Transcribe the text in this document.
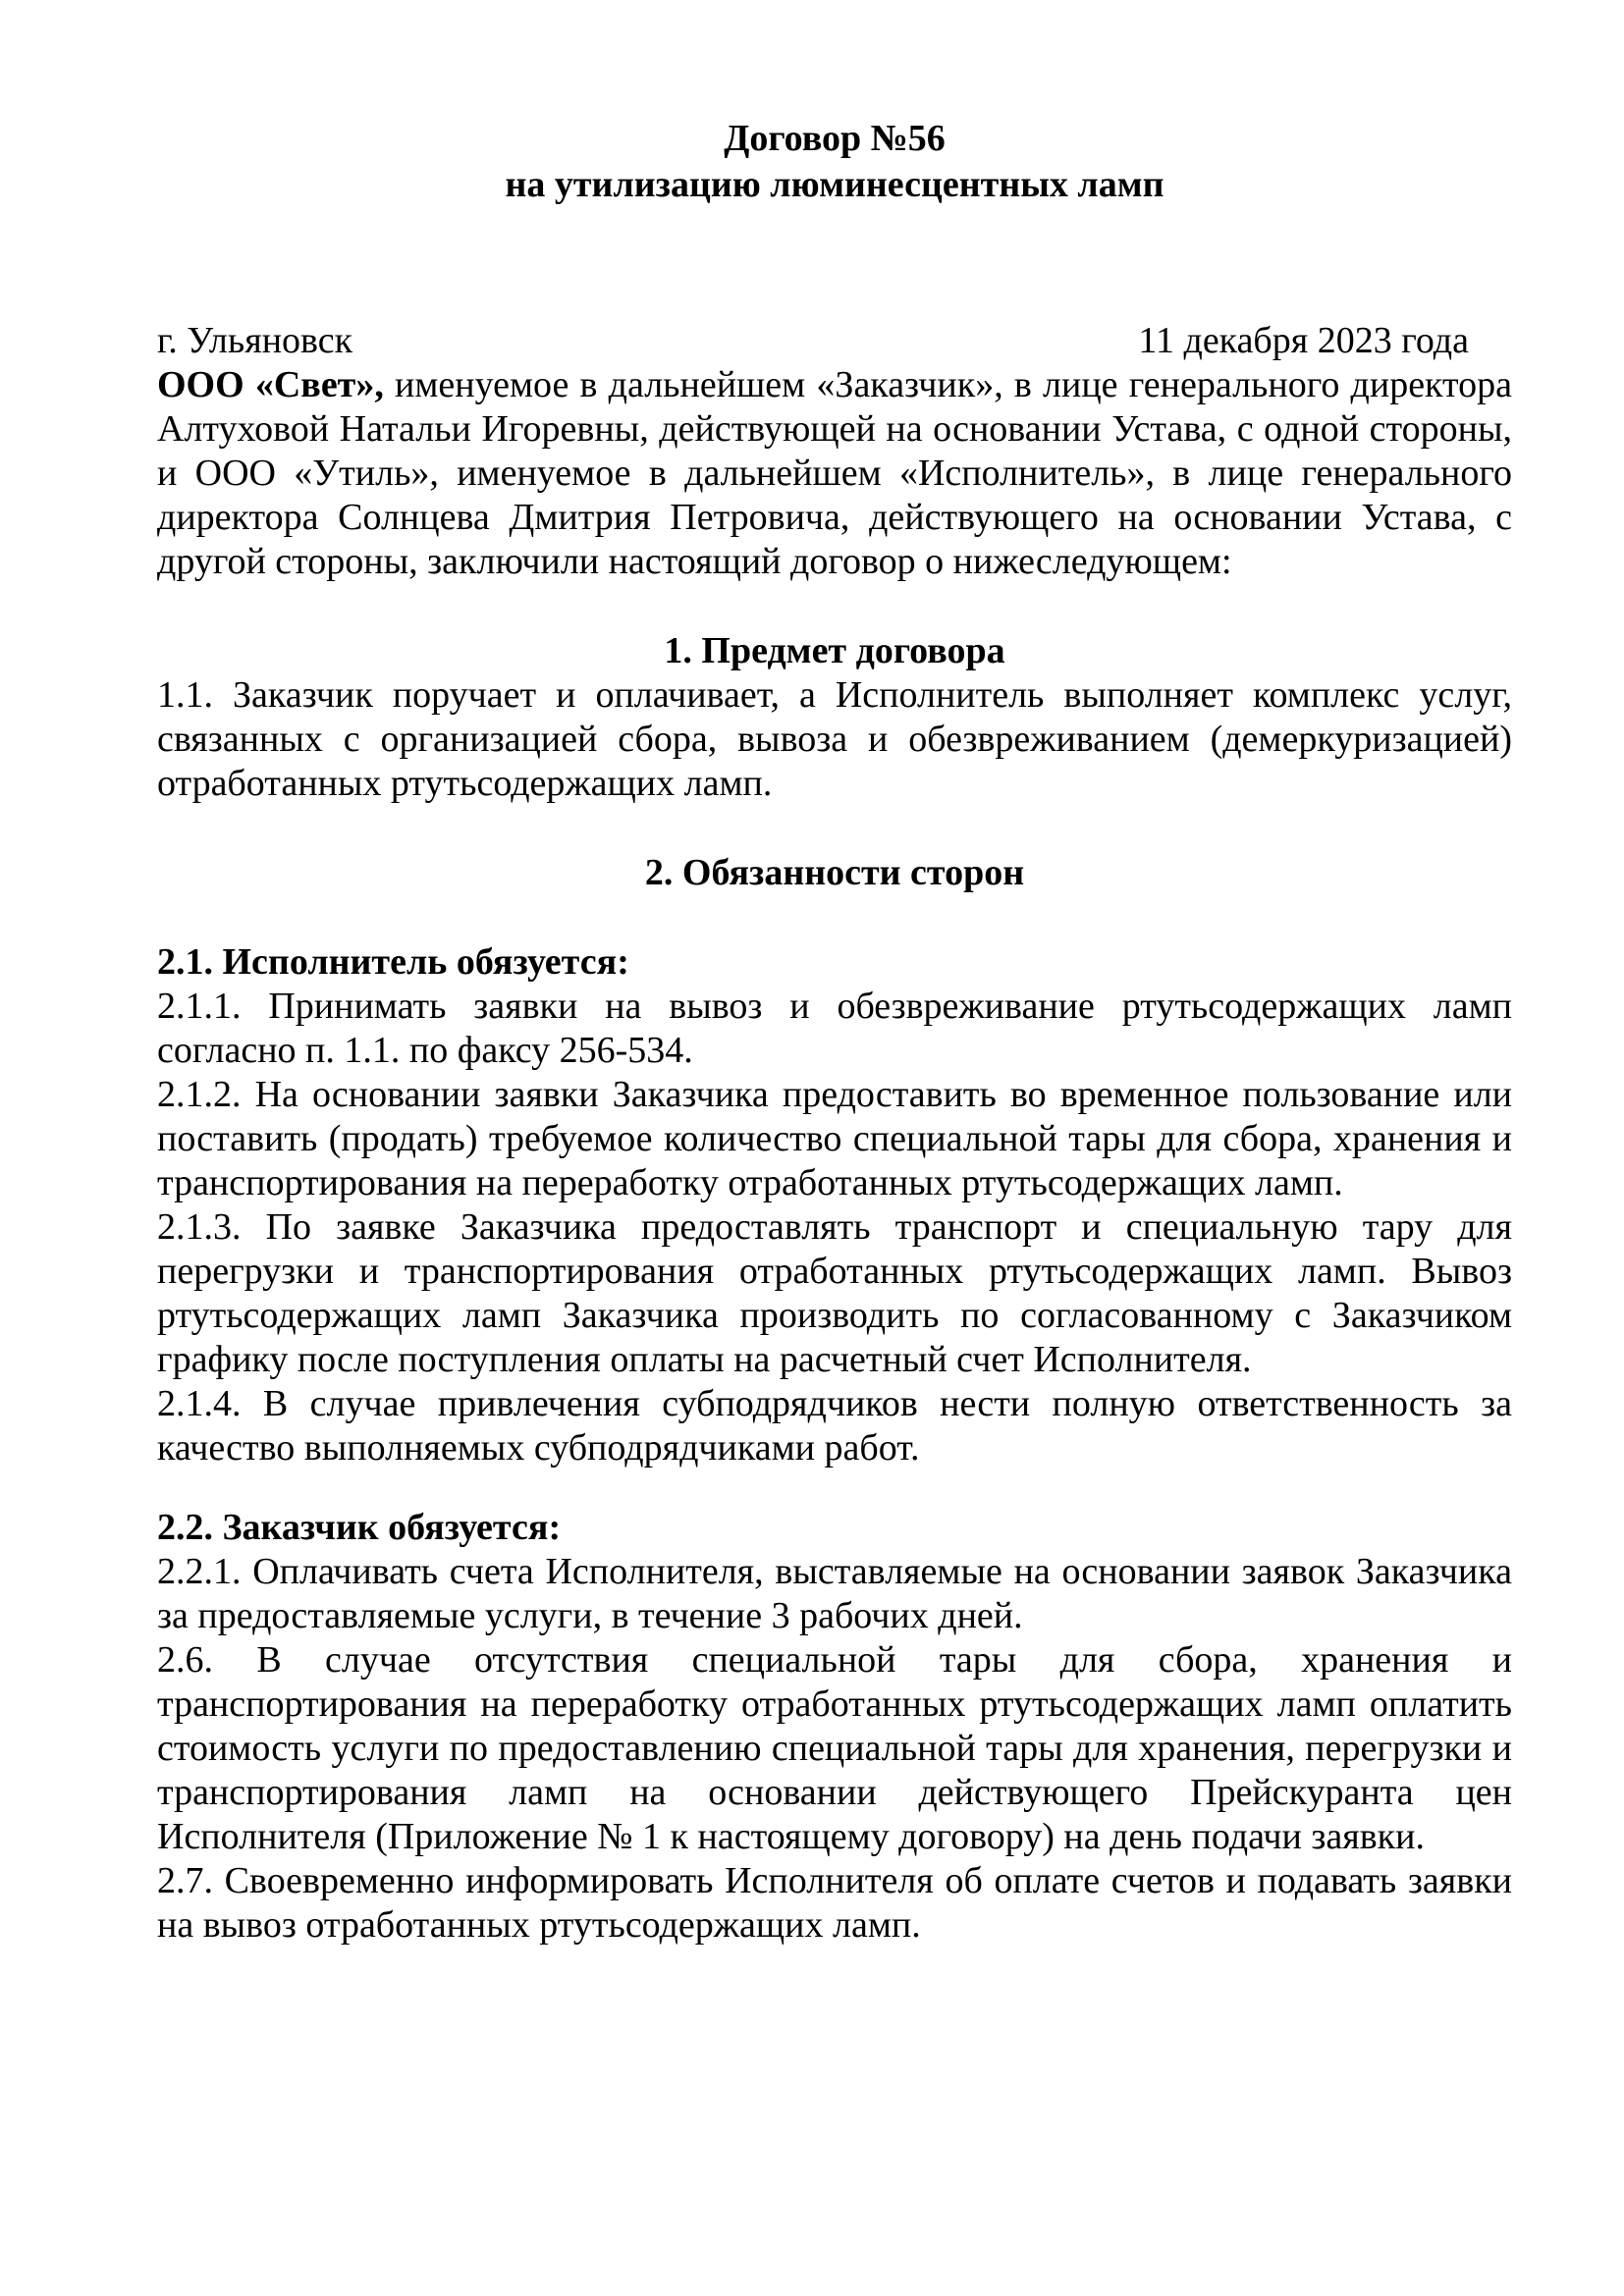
Договор №56
на утилизацию люминесцентных ламп
г. Ульяновск	11 декабря 2023 года

ООО «Свет», именуемое в дальнейшем «Заказчик», в лице генерального директора Алтуховой Натальи Игоревны, действующей на основании Устава, с одной стороны, и ООО «Утиль», именуемое в дальнейшем «Исполнитель», в лице генерального директора Солнцева Дмитрия Петровича, действующего на основании Устава, с другой стороны, заключили настоящий договор о нижеследующем:

1. Предмет договора

1.1. Заказчик поручает и оплачивает, а Исполнитель выполняет комплекс услуг, связанных с организацией сбора, вывоза и обезвреживанием (демеркуризацией) отработанных ртутьсодержащих ламп.

2. Обязанности сторон

2.1. Исполнитель обязуется:

2.1.1. Принимать заявки на вывоз и обезвреживание ртутьсодержащих ламп согласно п. 1.1. по факсу 256-534.

2.1.2. На основании заявки Заказчика предоставить во временное пользование или поставить (продать) требуемое количество специальной тары для сбора, хранения и транспортирования на переработку отработанных ртутьсодержащих ламп.

2.1.3. По заявке Заказчика предоставлять транспорт и специальную тару для перегрузки и транспортирования отработанных ртутьсодержащих ламп. Вывоз ртутьсодержащих ламп Заказчика производить по согласованному с Заказчиком графику после поступления оплаты на расчетный счет Исполнителя.

2.1.4. В случае привлечения субподрядчиков нести полную ответственность за качество выполняемых субподрядчиками работ.

2.2. Заказчик обязуется:

2.2.1. Оплачивать счета Исполнителя, выставляемые на основании заявок Заказчика за предоставляемые услуги, в течение 3 рабочих дней.

2.6. В случае отсутствия специальной тары для сбора, хранения и транспортирования на переработку отработанных ртутьсодержащих ламп оплатить стоимость услуги по предоставлению специальной тары для хранения, перегрузки и транспортирования ламп на основании действующего Прейскуранта цен Исполнителя (Приложение № 1 к настоящему договору) на день подачи заявки.

2.7. Своевременно информировать Исполнителя об оплате счетов и подавать заявки на вывоз отработанных ртутьсодержащих ламп.
